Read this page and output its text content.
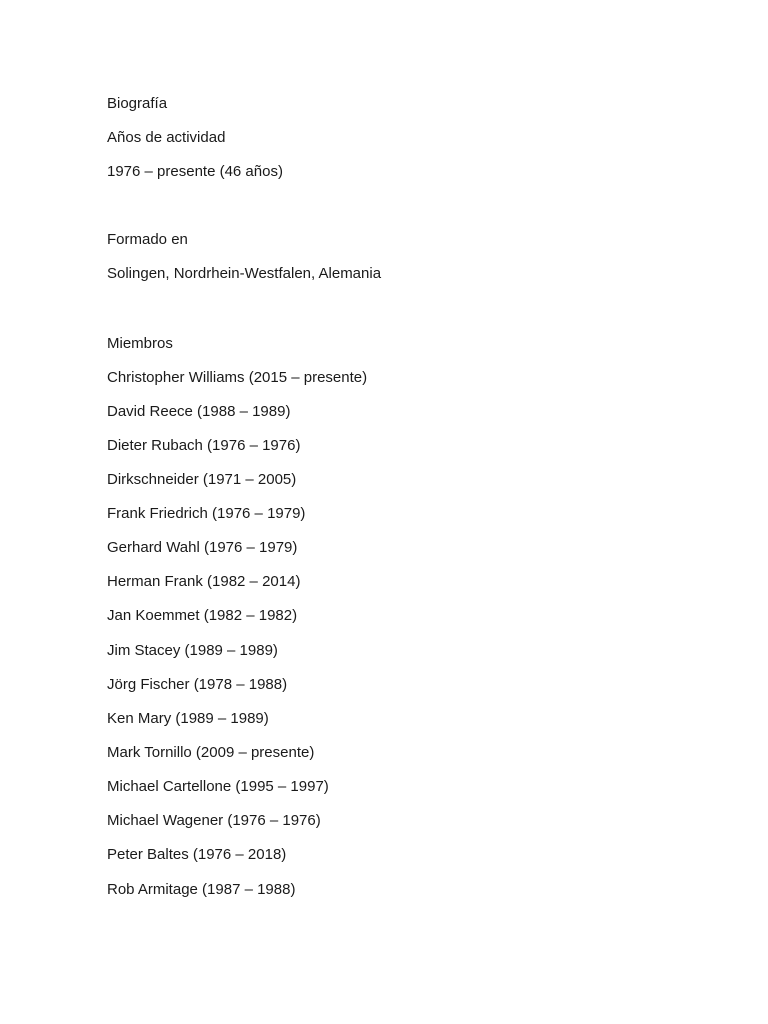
Biografía
Años de actividad
1976 – presente (46 años)
Formado en
Solingen, Nordrhein-Westfalen, Alemania
Miembros
Christopher Williams (2015 – presente)
David Reece (1988 – 1989)
Dieter Rubach (1976 – 1976)
Dirkschneider (1971 – 2005)
Frank Friedrich (1976 – 1979)
Gerhard Wahl (1976 – 1979)
Herman Frank (1982 – 2014)
Jan Koemmet (1982 – 1982)
Jim Stacey (1989 – 1989)
Jörg Fischer (1978 – 1988)
Ken Mary (1989 – 1989)
Mark Tornillo (2009 – presente)
Michael Cartellone (1995 – 1997)
Michael Wagener (1976 – 1976)
Peter Baltes (1976 – 2018)
Rob Armitage (1987 – 1988)
